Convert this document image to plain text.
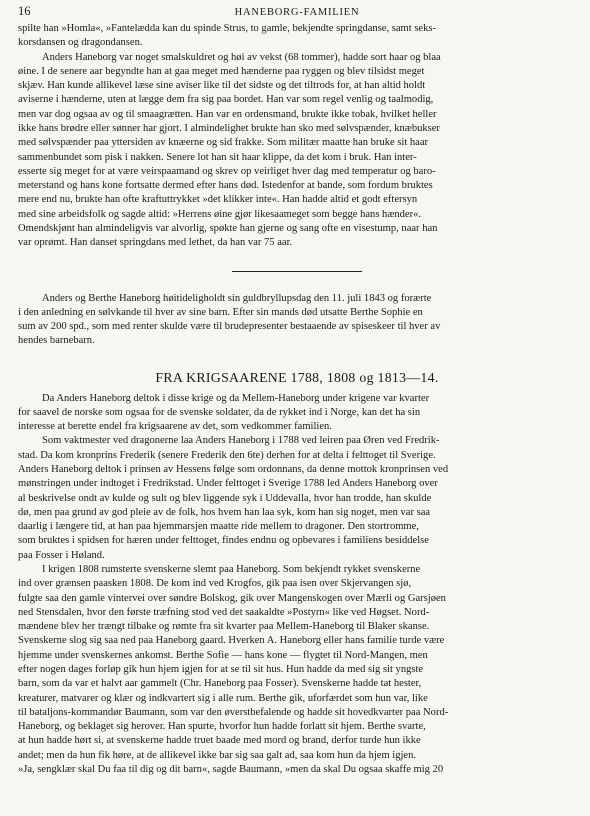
16	HANEBORG-FAMILIEN
spilte han »Homla«, »Fantelædda kan du spinde Strus, to gamle, bekjendte springdanse, samt seks-
korsdansen og dragondansen.
Anders Haneborg var noget smalskuldret og høi av vekst (68 tommer), hadde sort haar og blaa
øine. I de senere aar begyndte han at gaa meget med hænderne paa ryggen og blev tilsidst meget
skjæv. Han kunde allikevel læse sine aviser like til det sidste og det tiltrods for, at han altid holdt
aviserne i hænderne, uten at lægge dem fra sig paa bordet. Han var som regel venlig og taalmodig,
men var dog ogsaa av og til smaagrætten. Han var en ordensmand, brukte ikke tobak, hvilket heller
ikke hans brødre eller sønner har gjort. I almindelighet brukte han sko med sølvspænder, knæbukser
med sølvspænder paa yttersiden av knæerne og sid frakke. Som militær maatte han bruke sit haar
sammenbundet som pisk i nakken. Senere lot han sit haar klippe, da det kom i bruk. Han inter-
esserte sig meget for at være veirspaamand og skrev op veirliget hver dag med temperatur og baro-
meterstand og hans kone fortsatte dermed efter hans død. Istedenfor at bande, som fordum bruktes
mere end nu, brukte han ofte kraftuttrykket »det klikker inte«. Han hadde altid et godt eftersyn
med sine arbeidsfolk og sagde altid: »Herrens øine gjør likesaameget som begge hans hænder«.
Omendskjønt han almindeligvis var alvorlig, spøkte han gjerne og sang ofte en visestump, naar han
var oprømt. Han danset springdans med lethet, da han var 75 aar.
Anders og Berthe Haneborg høitideligholdt sin guldbryllupsdag den 11. juli 1843 og forærte
i den anledning en sølvkande til hver av sine barn. Efter sin mands død utsatte Berthe Sophie en
sum av 200 spd., som med renter skulde være til brudepresenter bestaaende av spiseskeer til hver av
hendes barnebarn.
FRA KRIGSAARENE 1788, 1808 og 1813—14.
Da Anders Haneborg deltok i disse krige og da Mellem-Haneborg under krigene var kvarter
for saavel de norske som ogsaa for de svenske soldater, da de rykket ind i Norge, kan det ha sin
interesse at berette endel fra krigsaarene av det, som vedkommer familien.
Som vaktmester ved dragonerne laa Anders Haneborg i 1788 ved leiren paa Øren ved Fredrik-
stad. Da kom kronprins Frederik (senere Frederik den 6te) derhen for at delta i felttoget til Sverige.
Anders Haneborg deltok i prinsen av Hessens følge som ordonnans, da denne mottok kronprinsen ved
mønstringen under indtoget i Fredrikstad. Under felttoget i Sverige 1788 led Anders Haneborg over
al beskrivelse ondt av kulde og sult og blev liggende syk i Uddevalla, hvor han trodde, han skulde
dø, men paa grund av god pleie av de folk, hos hvem han laa syk, kom han sig noget, men var saa
daarlig i længere tid, at han paa hjemmarsjen maatte ride mellem to dragoner. Den stortromme,
som bruktes i spidsen for hæren under felttoget, findes endnu og opbevares i familiens besiddelse
paa Fosser i Høland.
I krigen 1808 rumsterte svenskerne slemt paa Haneborg. Som bekjendt rykket svenskerne
ind over grænsen paasken 1808. De kom ind ved Krogfos, gik paa isen over Skjervangen sjø,
fulgte saa den gamle vintervei over søndre Bolskog, gik over Mangenskogen over Mærli og Garsjøen
ned Stensdalen, hvor den første træfning stod ved det saakaldte »Postyrn« like ved Høgset. Nord-
mændene blev her trængt tilbake og rømte fra sit kvarter paa Mellem-Haneborg til Blaker skanse.
Svenskerne slog sig saa ned paa Haneborg gaard. Hverken A. Haneborg eller hans familie turde være
hjemme under svenskernes ankomst. Berthe Sofie — hans kone — flygtet til Nord-Mangen, men
efter nogen dages forløp gik hun hjem igjen for at se til sit hus. Hun hadde da med sig sit yngste
barn, som da var et halvt aar gammelt (Chr. Haneborg paa Fosser). Svenskerne hadde tat hester,
kreaturer, matvarer og klær og indkvartert sig i alle rum. Berthe gik, uforfærdet som hun var, like
til bataljons-kommandør Baumann, som var den øverstbefalende og hadde sit hovedkvarter paa Nord-
Haneborg, og beklaget sig herover. Han spurte, hvorfor hun hadde forlatt sit hjem. Berthe svarte,
at hun hadde hørt si, at svenskerne hadde truet baade med mord og brand, derfor turde hun ikke
andet; men da hun fik høre, at de allikevel ikke bar sig saa galt ad, saa kom hun da hjem igjen.
»Ja, sengklær skal Du faa til dig og dit barn«, sagde Baumann, »men da skal Du ogsaa skaffe mig 20
